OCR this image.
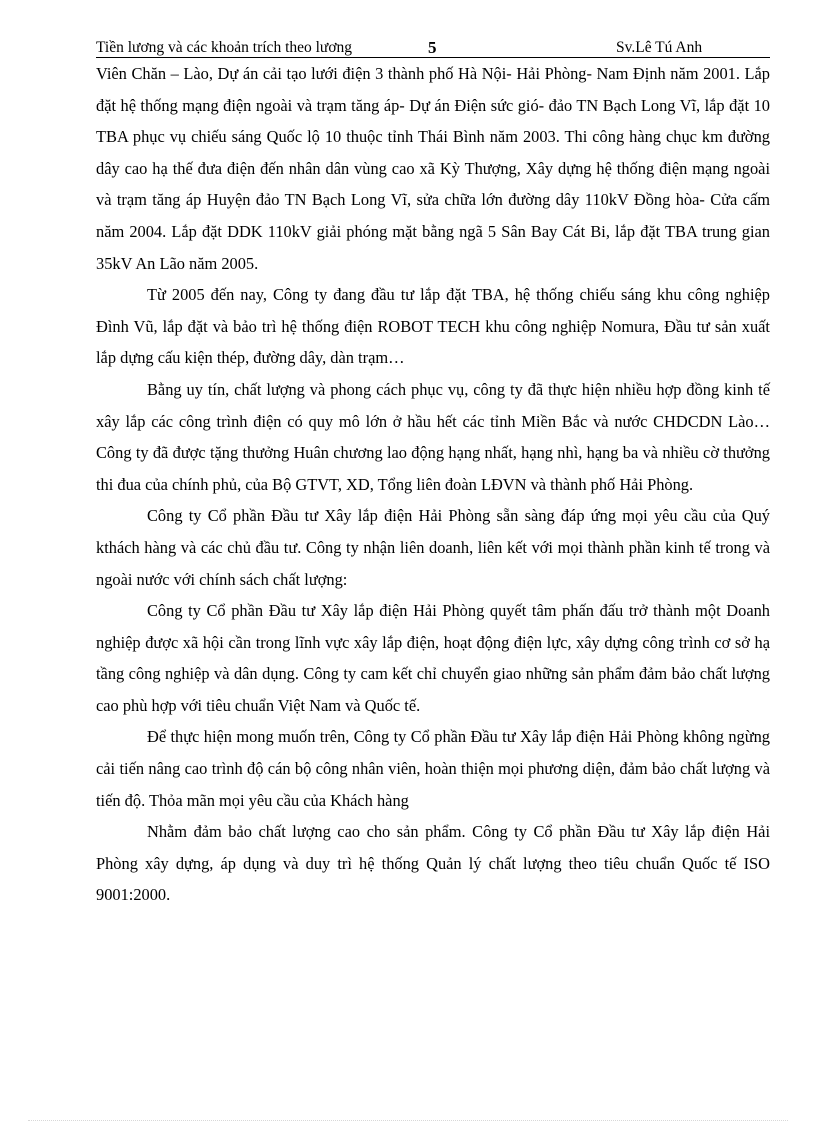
Tiền lương và các khoản trích theo lương	5	Sv.Lê Tú Anh

Viên Chăn – Lào, Dự án cải tạo lưới điện 3 thành phố Hà Nội- Hải Phòng- Nam Định năm 2001. Lắp đặt hệ thống mạng điện ngoài và trạm tăng áp- Dự án Điện sức gió- đảo TN Bạch Long Vĩ, lắp đặt 10 TBA phục vụ chiếu sáng Quốc lộ 10 thuộc tỉnh Thái Bình năm 2003. Thi công hàng chục km đường dây cao hạ thế đưa điện đến nhân dân vùng cao xã Kỳ Thượng, Xây dựng hệ thống điện mạng ngoài và trạm tăng áp Huyện đảo TN Bạch Long Vĩ, sửa chữa lớn đường dây 110kV Đồng hòa- Cửa cấm năm 2004. Lắp đặt DDK 110kV giải phóng mặt bằng ngã 5 Sân Bay Cát Bi, lắp đặt TBA trung gian 35kV An Lão năm 2005.

Từ 2005 đến nay, Công ty đang đầu tư lắp đặt TBA, hệ thống chiếu sáng khu công nghiệp Đình Vũ, lắp đặt và bảo trì hệ thống điện ROBOT TECH khu công nghiệp Nomura, Đầu tư sản xuất lắp dựng cấu kiện thép, đường dây, dàn trạm…

Bằng uy tín, chất lượng và phong cách phục vụ, công ty đã thực hiện nhiều hợp đồng kinh tế xây lắp các công trình điện có quy mô lớn ở hầu hết các tỉnh Miền Bắc và nước CHDCDN Lào… Công ty đã được tặng thưởng Huân chương lao động hạng nhất, hạng nhì, hạng ba và nhiều cờ thưởng thi đua của chính phủ, của Bộ GTVT, XD, Tổng liên đoàn LĐVN và thành phố Hải Phòng.

Công ty Cổ phần Đầu tư Xây lắp điện Hải Phòng sẵn sàng đáp ứng mọi yêu cầu của Quý kthách hàng và các chủ đầu tư. Công ty nhận liên doanh, liên kết với mọi thành phần kinh tế trong và ngoài nước với chính sách chất lượng:

Công ty Cổ phần Đầu tư Xây lắp điện Hải Phòng quyết tâm phấn đấu trở thành một Doanh nghiệp được xã hội cần trong lĩnh vực xây lắp điện, hoạt động điện lực, xây dựng công trình cơ sở hạ tầng công nghiệp và dân dụng. Công ty cam kết chỉ chuyển giao những sản phẩm đảm bảo chất lượng cao phù hợp với tiêu chuẩn Việt Nam và Quốc tế.

Để thực hiện mong muốn trên, Công ty Cổ phần Đầu tư Xây lắp điện Hải Phòng không ngừng cải tiến nâng cao trình độ cán bộ công nhân viên, hoàn thiện mọi phương diện, đảm bảo chất lượng và tiến độ. Thỏa mãn mọi yêu cầu của Khách hàng

Nhằm đảm bảo chất lượng cao cho sản phẩm. Công ty Cổ phần Đầu tư Xây lắp điện Hải Phòng xây dựng, áp dụng và duy trì hệ thống Quản lý chất lượng theo tiêu chuẩn Quốc tế ISO 9001:2000.
